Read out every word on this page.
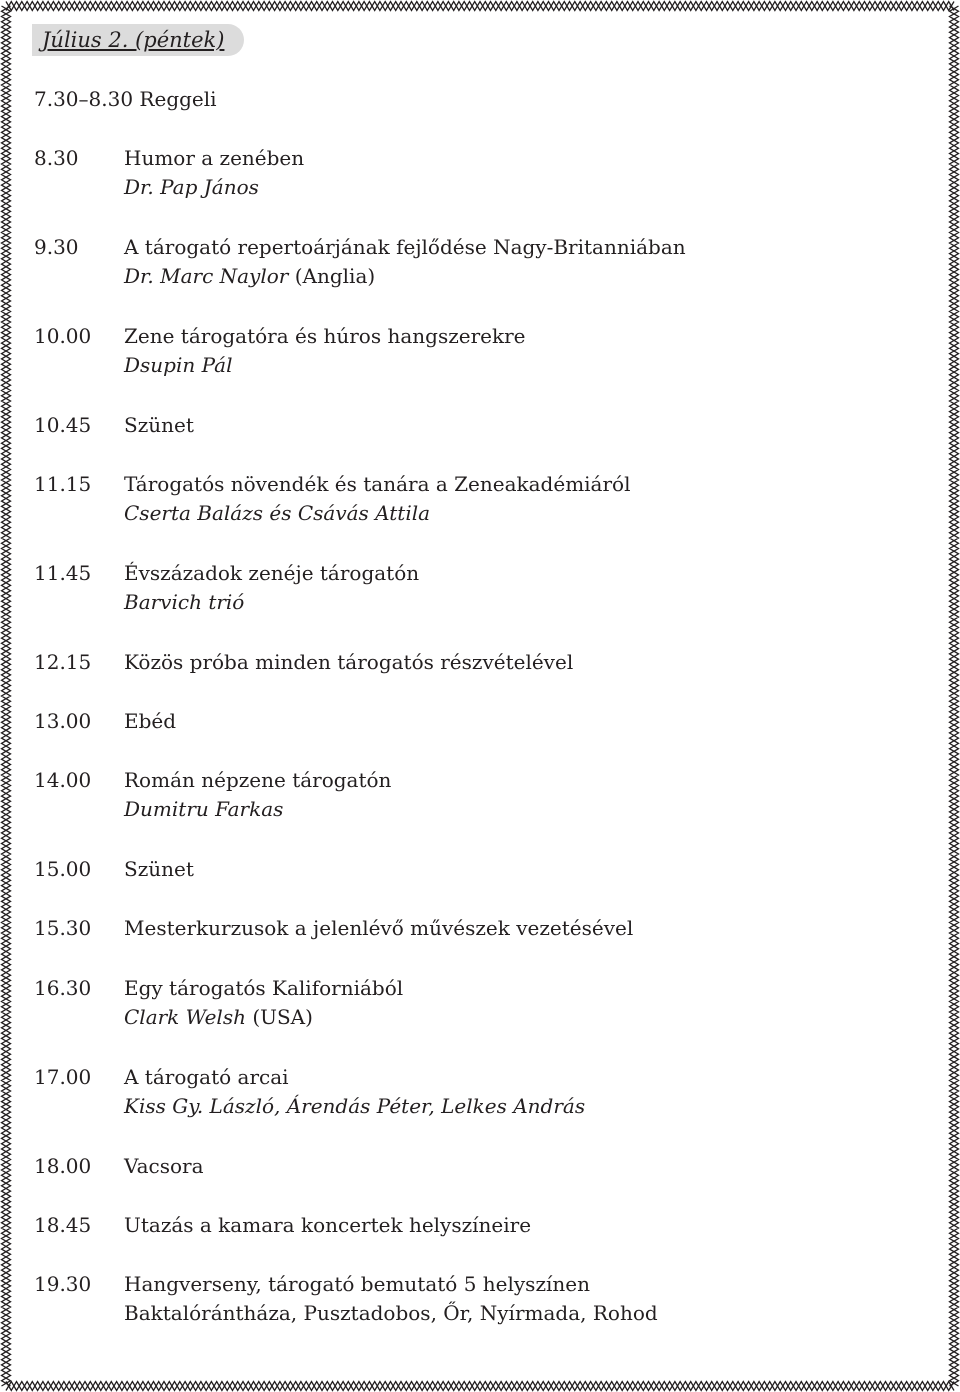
Július 2. (péntek)
7.30–8.30 Reggeli
8.30	Humor a zenében
Dr. Pap János
9.30	A tárogató repertoárjának fejlődése Nagy-Britanniában
Dr. Marc Naylor (Anglia)
10.00	Zene tárogatóra és húros hangszerekre
Dsupin Pál
10.45	Szünet
11.15	Tárogatós növendék és tanára a Zeneakadémiáról
Cserta Balázs és Csávás Attila
11.45	Évszázadok zenéje tárogatón
Barvich trió
12.15	Közös próba minden tárogatós részvételével
13.00	Ebéd
14.00	Román népzene tárogatón
Dumitru Farkas
15.00	Szünet
15.30	Mesterkurzusok a jelenlévő művészek vezetésével
16.30	Egy tárogatós Kaliforniából
Clark Welsh (USA)
17.00	A tárogató arcai
Kiss Gy. László, Árendás Péter, Lelkes András
18.00	Vacsora
18.45	Utazás a kamara koncertek helyszíneire
19.30	Hangverseny, tárogató bemutató 5 helyszínen
Baktalórántháza, Pusztadobos, Őr, Nyírmada, Rohod
